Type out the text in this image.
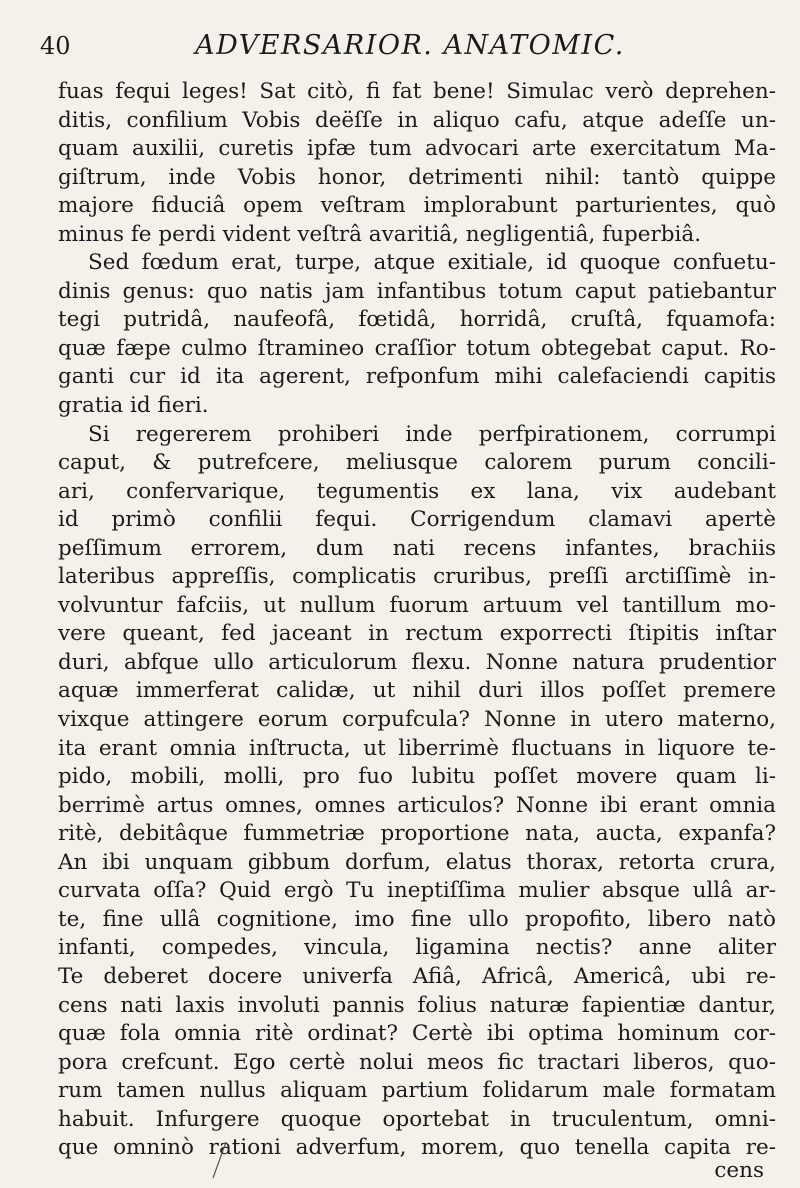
40	ADVERSARIOR. ANATOMIC.
fuas fequi leges! Sat citò, fi fat bene! Simulac verò deprehen-
ditis, confilium Vobis deëſſe in aliquo cafu, atque adeſſe un-
quam auxilii, curetis ipfæ tum advocari arte exercitatum Ma-
giſtrum, inde Vobis honor, detrimenti nihil: tantò quippe
majore fiduciâ opem veſtram implorabunt parturientes, quò
minus fe perdi vident veſtrâ avaritiâ, negligentiâ, fuperbiâ.
Sed fœdum erat, turpe, atque exitiale, id quoque confuetu-
dinis genus: quo natis jam infantibus totum caput patiebantur
tegi putridâ, naufeofâ, fœtidâ, horridâ, cruſtâ, fquamofa:
quæ fæpe culmo ſtramineo craſſior totum obtegebat caput. Ro-
ganti cur id ita agerent, refponfum mihi calefaciendi capitis
gratia id fieri.
Si regererem prohiberi inde perfpirationem, corrumpi
caput, & putrefcere, meliusque calorem purum concili-
ari, confervarique, tegumentis ex lana, vix audebant
id primò confilii fequi. Corrigendum clamavi apertè
peſſimum errorem, dum nati recens infantes, brachiis
lateribus appreſſis, complicatis cruribus, preſſi arctiſſimè in-
volvuntur fafciis, ut nullum fuorum artuum vel tantillum mo-
vere queant, fed jaceant in rectum exporrecti ſtipitis inſtar
duri, abfque ullo articulorum flexu. Nonne natura prudentior
aquæ immerferat calidæ, ut nihil duri illos poſſet premere
vixque attingere eorum corpufcula? Nonne in utero materno,
ita erant omnia inſtructa, ut liberrimè fluctuans in liquore te-
pido, mobili, molli, pro fuo lubitu poſſet movere quam li-
berrimè artus omnes, omnes articulos? Nonne ibi erant omnia
ritè, debitâque fummetriæ proportione nata, aucta, expanfa?
An ibi unquam gibbum dorfum, elatus thorax, retorta crura,
curvata oſſa? Quid ergò Tu ineptiſſima mulier absque ullâ ar-
te, fine ullâ cognitione, imo fine ullo propofito, libero natò
infanti, compedes, vincula, ligamina nectis? anne aliter
Te deberet docere univerfa Afiâ, Africâ, Americâ, ubi re-
cens nati laxis involuti pannis folius naturæ fapientiæ dantur,
quæ fola omnia ritè ordinat? Certè ibi optima hominum cor-
pora crefcunt. Ego certè nolui meos fic tractari liberos, quo-
rum tamen nullus aliquam partium folidarum male formatam
habuit. Infurgere quoque oportebat in truculentum, omni-
que omninò rationi adverfum, morem, quo tenella capita re-
cens
